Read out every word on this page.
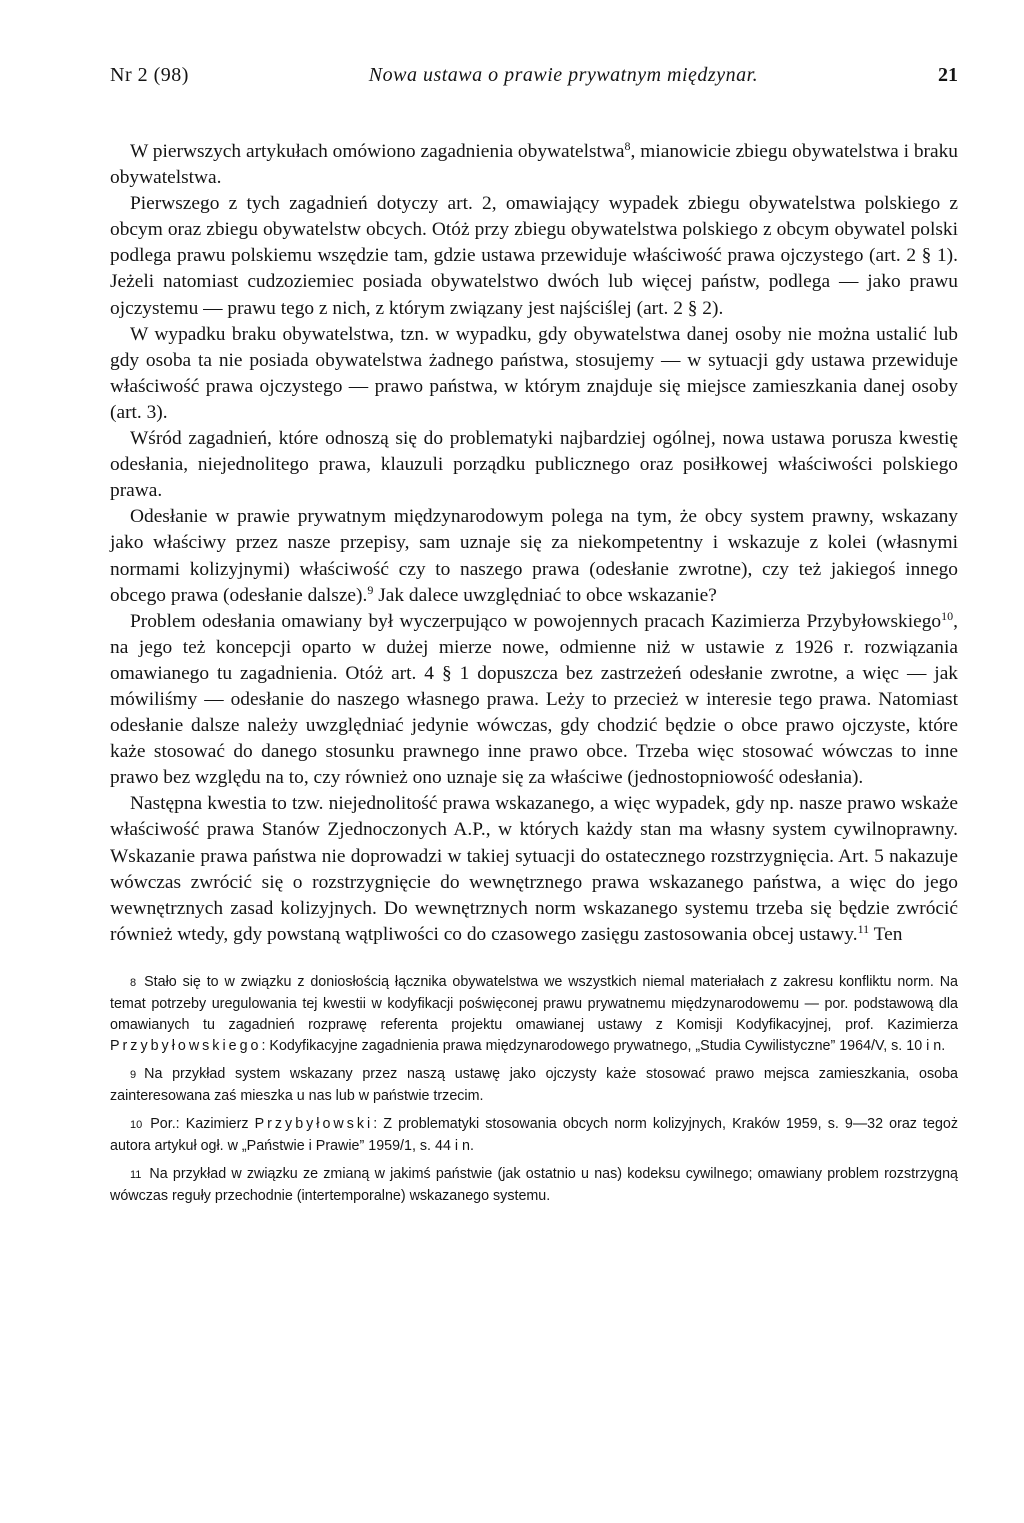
Nr 2 (98)	Nowa ustawa o prawie prywatnym międzynar.	21

W pierwszych artykułach omówiono zagadnienia obywatelstwa$^8$, mianowicie zbiegu obywatelstwa i braku obywatelstwa.

Pierwszego z tych zagadnień dotyczy art. 2, omawiający wypadek zbiegu obywatelstwa polskiego z obcym oraz zbiegu obywatelstw obcych. Otóż przy zbiegu obywatelstwa polskiego z obcym obywatel polski podlega prawu polskiemu wszędzie tam, gdzie ustawa przewiduje właściwość prawa ojczystego (art. 2 § 1). Jeżeli natomiast cudzoziemiec posiada obywatelstwo dwóch lub więcej państw, podlega — jako prawu ojczystemu — prawu tego z nich, z którym związany jest najściślej (art. 2 § 2).

W wypadku braku obywatelstwa, tzn. w wypadku, gdy obywatelstwa danej osoby nie można ustalić lub gdy osoba ta nie posiada obywatelstwa żadnego państwa, stosujemy — w sytuacji gdy ustawa przewiduje właściwość prawa ojczystego — prawo państwa, w którym znajduje się miejsce zamieszkania danej osoby (art. 3).

Wśród zagadnień, które odnoszą się do problematyki najbardziej ogólnej, nowa ustawa porusza kwestię odesłania, niejednolitego prawa, klauzuli porządku publicznego oraz posiłkowej właściwości polskiego prawa.

Odesłanie w prawie prywatnym międzynarodowym polega na tym, że obcy system prawny, wskazany jako właściwy przez nasze przepisy, sam uznaje się za niekompetentny i wskazuje z kolei (własnymi normami kolizyjnymi) właściwość czy to naszego prawa (odesłanie zwrotne), czy też jakiegoś innego obcego prawa (odesłanie dalsze).$^9$ Jak dalece uwzględniać to obce wskazanie?

Problem odesłania omawiany był wyczerpująco w powojennych pracach Kazimierza Przybyłowskiego$^{10}$, na jego też koncepcji oparto w dużej mierze nowe, odmienne niż w ustawie z 1926 r. rozwiązania omawianego tu zagadnienia. Otóż art. 4 § 1 dopuszcza bez zastrzeżeń odesłanie zwrotne, a więc — jak mówiliśmy — odesłanie do naszego własnego prawa. Leży to przecież w interesie tego prawa. Natomiast odesłanie dalsze należy uwzględniać jedynie wówczas, gdy chodzić będzie o obce prawo ojczyste, które każe stosować do danego stosunku prawnego inne prawo obce. Trzeba więc stosować wówczas to inne prawo bez względu na to, czy również ono uznaje się za właściwe (jednostopniowość odesłania).

Następna kwestia to tzw. niejednolitość prawa wskazanego, a więc wypadek, gdy np. nasze prawo wskaże właściwość prawa Stanów Zjednoczonych A.P., w których każdy stan ma własny system cywilnoprawny. Wskazanie prawa państwa nie doprowadzi w takiej sytuacji do ostatecznego rozstrzygnięcia. Art. 5 nakazuje wówczas zwrócić się o rozstrzygnięcie do wewnętrznego prawa wskazanego państwa, a więc do jego wewnętrznych zasad kolizyjnych. Do wewnętrznych norm wskazanego systemu trzeba się będzie zwrócić również wtedy, gdy powstaną wątpliwości co do czasowego zasięgu zastosowania obcej ustawy.$^{11}$ Ten

8 Stało się to w związku z doniosłością łącznika obywatelstwa we wszystkich niemal materiałach z zakresu konfliktu norm. Na temat potrzeby uregulowania tej kwestii w kodyfikacji poświęconej prawu prywatnemu międzynarodowemu — por. podstawową dla omawianych tu zagadnień rozprawę referenta projektu omawianej ustawy z Komisji Kodyfikacyjnej, prof. Kazimierza Przybyłowskiego: Kodyfikacyjne zagadnienia prawa międzynarodowego prywatnego, „Studia Cywilistyczne” 1964/V, s. 10 i n.

9 Na przykład system wskazany przez naszą ustawę jako ojczysty każe stosować prawo mejsca zamieszkania, osoba zainteresowana zaś mieszka u nas lub w państwie trzecim.

10 Por.: Kazimierz Przybyłowski: Z problematyki stosowania obcych norm kolizyjnych, Kraków 1959, s. 9—32 oraz tegoż autora artykuł ogł. w „Państwie i Prawie” 1959/1, s. 44 i n.

11 Na przykład w związku ze zmianą w jakimś państwie (jak ostatnio u nas) kodeksu cywilnego; omawiany problem rozstrzygną wówczas reguły przechodnie (intertemporalne) wskazanego systemu.
